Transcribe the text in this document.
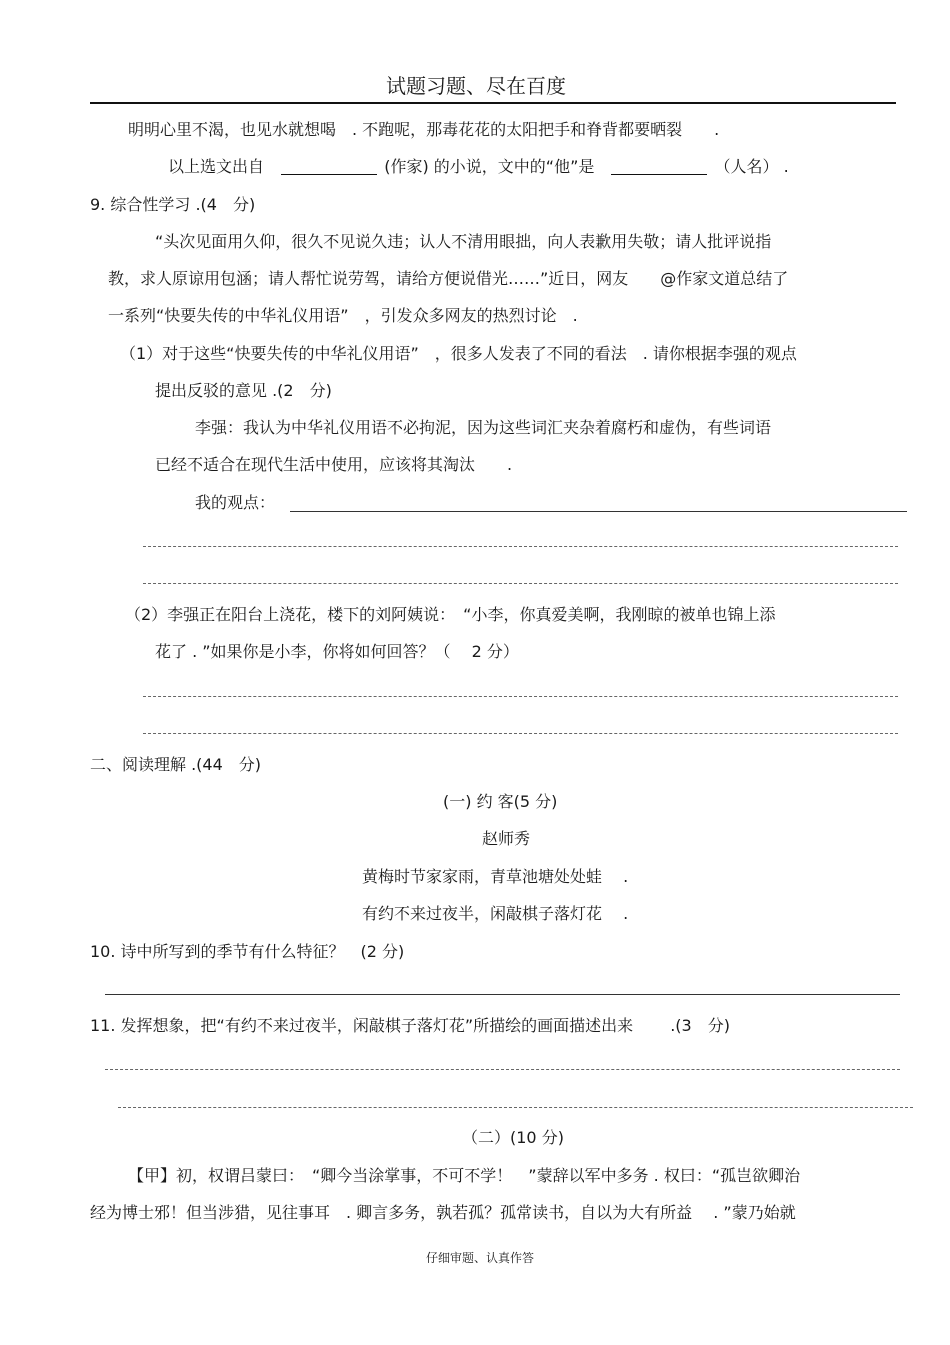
试题习题、尽在百度
明明心里不渴，也见水就想喝　. 不跑呢，那毒花花的太阳把手和脊背都要晒裂　　.
以上选文出自	(作家) 的小说，文中的“他”是	（人名） .
9. 综合性学习 .(4　分)
“头次见面用久仰，很久不见说久违；认人不清用眼拙，向人表歉用失敬；请人批评说指
教，求人原谅用包涵；请人帮忙说劳驾，请给方便说借光……”近日，网友　　@作家文道总结了
一系列“快要失传的中华礼仪用语”　，引发众多网友的热烈讨论　.
（1）对于这些“快要失传的中华礼仪用语”　，很多人发表了不同的看法　. 请你根据李强的观点
提出反驳的意见 .(2　分)
李强：我认为中华礼仪用语不必拘泥，因为这些词汇夹杂着腐朽和虚伪，有些词语
已经不适合在现代生活中使用，应该将其淘汰　　.
我的观点：
（2）李强正在阳台上浇花，楼下的刘阿姨说：　“小李，你真爱美啊，我刚晾的被单也锦上添
花了 . ”如果你是小李，你将如何回答？（　 2 分）
二、阅读理解 .(44　分)
(一) 约 客(5 分)
赵师秀
黄梅时节家家雨，青草池塘处处蛙　 .
有约不来过夜半，闲敲棋子落灯花　 .
10. 诗中所写到的季节有什么特征？　(2 分)
11. 发挥想象，把“有约不来过夜半，闲敲棋子落灯花”所描绘的画面描述出来　　 .(3　分)
（二）(10 分)
【甲】初，权谓吕蒙曰：　“卿今当涂掌事，不可不学！　”蒙辞以军中多务 . 权曰：“孤岂欲卿治
经为博士邪！但当涉猎，见往事耳　. 卿言多务，孰若孤？孤常读书，自以为大有所益　 . ”蒙乃始就
仔细审题、认真作答
